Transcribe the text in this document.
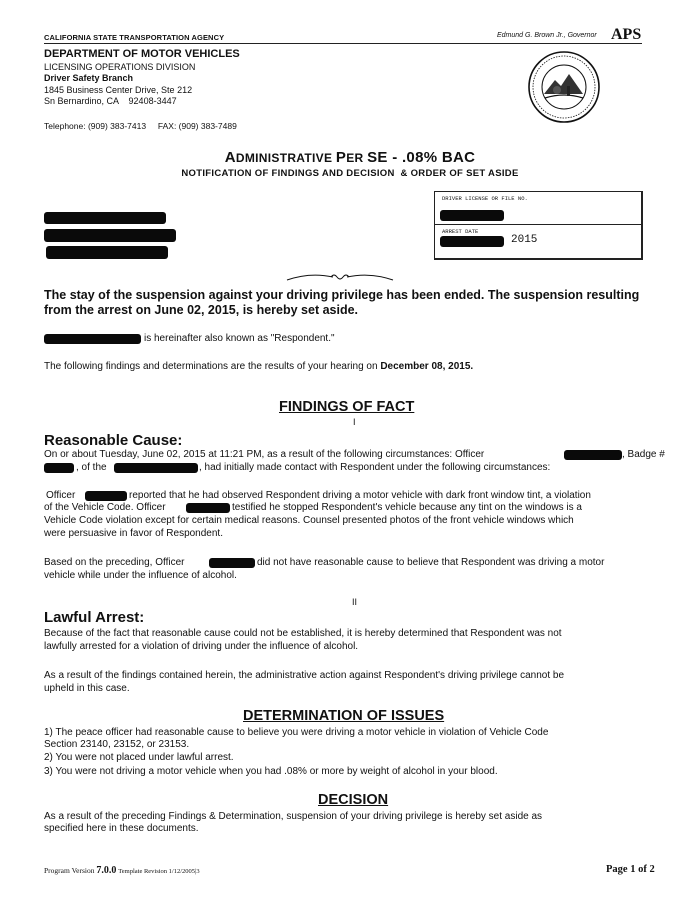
CALIFORNIA STATE TRANSPORTATION AGENCY	Edmund G. Brown Jr., Governor APS
DEPARTMENT OF MOTOR VEHICLES
LICENSING OPERATIONS DIVISION
Driver Safety Branch
1845 Business Center Drive, Ste 212
Sn Bernardino, CA    92408-3447
Telephone: (909) 383-7413     FAX: (909) 383-7489
ADMINISTRATIVE PER SE - .08% BAC
NOTIFICATION OF FINDINGS AND DECISION  & ORDER OF SET ASIDE
DRIVER LICENSE OR FILE NO.
ARREST DATE
2015
The stay of the suspension against your driving privilege has been ended. The suspension resulting from the arrest on June 02, 2015, is hereby set aside.
is hereinafter also known as "Respondent."
The following findings and determinations are the results of your hearing on December 08, 2015.
FINDINGS OF FACT
I
Reasonable Cause:
On or about Tuesday, June 02, 2015 at 11:21 PM, as a result of the following circumstances: Officer	, Badge #
, of the	, had initially made contact with Respondent under the following circumstances:
Officer	reported that he had observed Respondent driving a motor vehicle with dark front window tint, a violation
of the Vehicle Code. Officer	testified he stopped Respondent's vehicle because any tint on the windows is a
Vehicle Code violation except for certain medical reasons. Counsel presented photos of the front vehicle windows which
were persuasive in favor of Respondent.
Based on the preceding, Officer	did not have reasonable cause to believe that Respondent was driving a motor
vehicle while under the influence of alcohol.
II
Lawful Arrest:
Because of the fact that reasonable cause could not be established, it is hereby determined that Respondent was not
lawfully arrested for a violation of driving under the influence of alcohol.
As a result of the findings contained herein, the administrative action against Respondent's driving privilege cannot be
upheld in this case.
DETERMINATION OF ISSUES
1) The peace officer had reasonable cause to believe you were driving a motor vehicle in violation of Vehicle Code
Section 23140, 23152, or 23153.
2) You were not placed under lawful arrest.
3) You were not driving a motor vehicle when you had .08% or more by weight of alcohol in your blood.
DECISION
As a result of the preceding Findings & Determination, suspension of your driving privilege is hereby set aside as
specified here in these documents.
Program Version 7.0.0 Template Revision 1/12/2005|3	Page 1 of 2
